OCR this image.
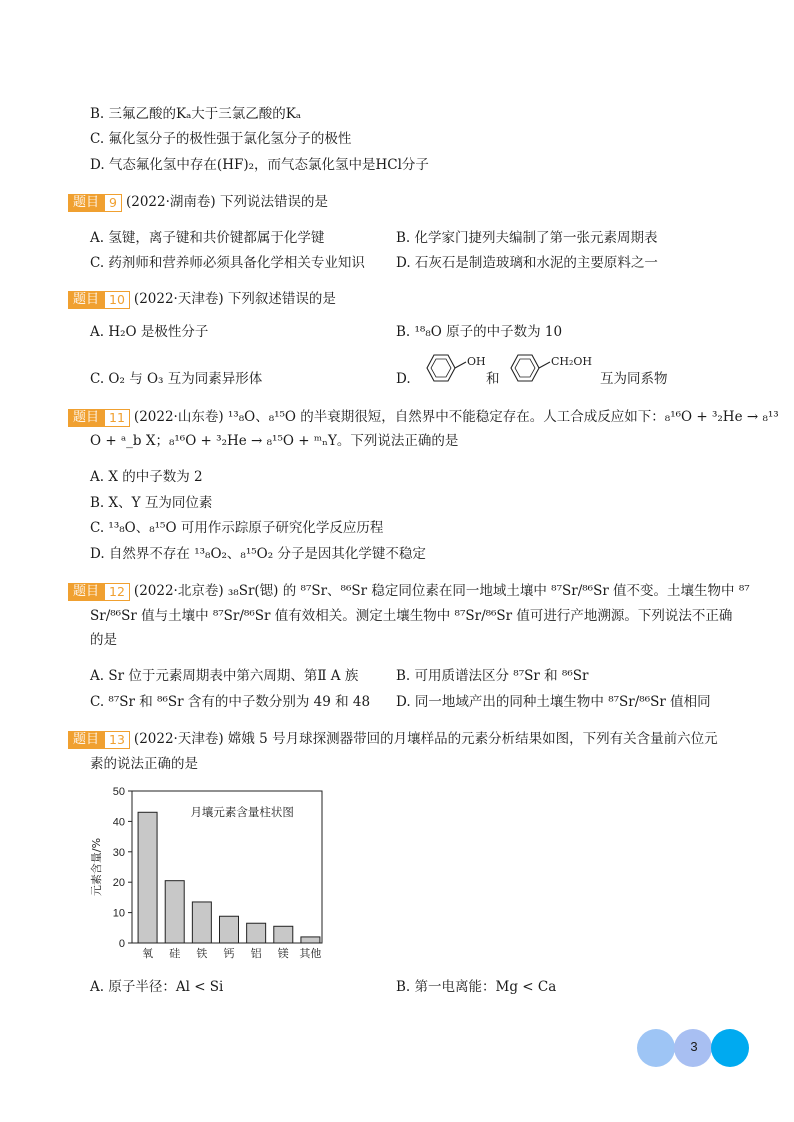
B. 三氟乙酸的Kₐ大于三氯乙酸的Kₐ
C. 氟化氢分子的极性强于氯化氢分子的极性
D. 气态氟化氢中存在(HF)₂，而气态氯化氢中是HCl分子
题目 9 (2022·湖南卷) 下列说法错误的是
A. 氢键，离子键和共价键都属于化学键	B. 化学家门捷列夫编制了第一张元素周期表
C. 药剂师和营养师必须具备化学相关专业知识 D. 石灰石是制造玻璃和水泥的主要原料之一
题目 10 (2022·天津卷) 下列叙述错误的是
A. H₂O 是极性分子	B. ¹⁸₈O 原子的中子数为 10
C. O₂ 与 O₃ 互为同素异形体	D.
OH
和
CH₂OH
互为同系物
题目 11 (2022·山东卷) ¹³₈O、₈¹⁵O 的半衰期很短，自然界中不能稳定存在。人工合成反应如下：₈¹⁶O + ³₂He → ₈¹³
O + ᵃ_b X；₈¹⁶O + ³₂He → ₈¹⁵O + ᵐₙY。下列说法正确的是
A. X 的中子数为 2
B. X、Y 互为同位素
C. ¹³₈O、₈¹⁵O 可用作示踪原子研究化学反应历程
D. 自然界不存在 ¹³₈O₂、₈¹⁵O₂ 分子是因其化学键不稳定
题目 12 (2022·北京卷) ₃₈Sr(锶) 的 ⁸⁷Sr、⁸⁶Sr 稳定同位素在同一地域土壤中 ⁸⁷Sr/⁸⁶Sr 值不变。土壤生物中 ⁸⁷
Sr/⁸⁶Sr 值与土壤中 ⁸⁷Sr/⁸⁶Sr 值有效相关。测定土壤生物中 ⁸⁷Sr/⁸⁶Sr 值可进行产地溯源。下列说法不正确
的是
A. Sr 位于元素周期表中第六周期、第Ⅱ A 族	B. 可用质谱法区分 ⁸⁷Sr 和 ⁸⁶Sr
C. ⁸⁷Sr 和 ⁸⁶Sr 含有的中子数分别为 49 和 48 D. 同一地域产出的同种土壤生物中 ⁸⁷Sr/⁸⁶Sr 值相同
题目 13 (2022·天津卷) 嫦娥 5 号月球探测器带回的月壤样品的元素分析结果如图，下列有关含量前六位元
素的说法正确的是
0
10
20
30
40
50
元素含量/%
月壤元素含量柱状图
氧 硅 铁 钙 铝 镁 其他
A. 原子半径：Al < Si	B. 第一电离能：Mg < Ca
3
